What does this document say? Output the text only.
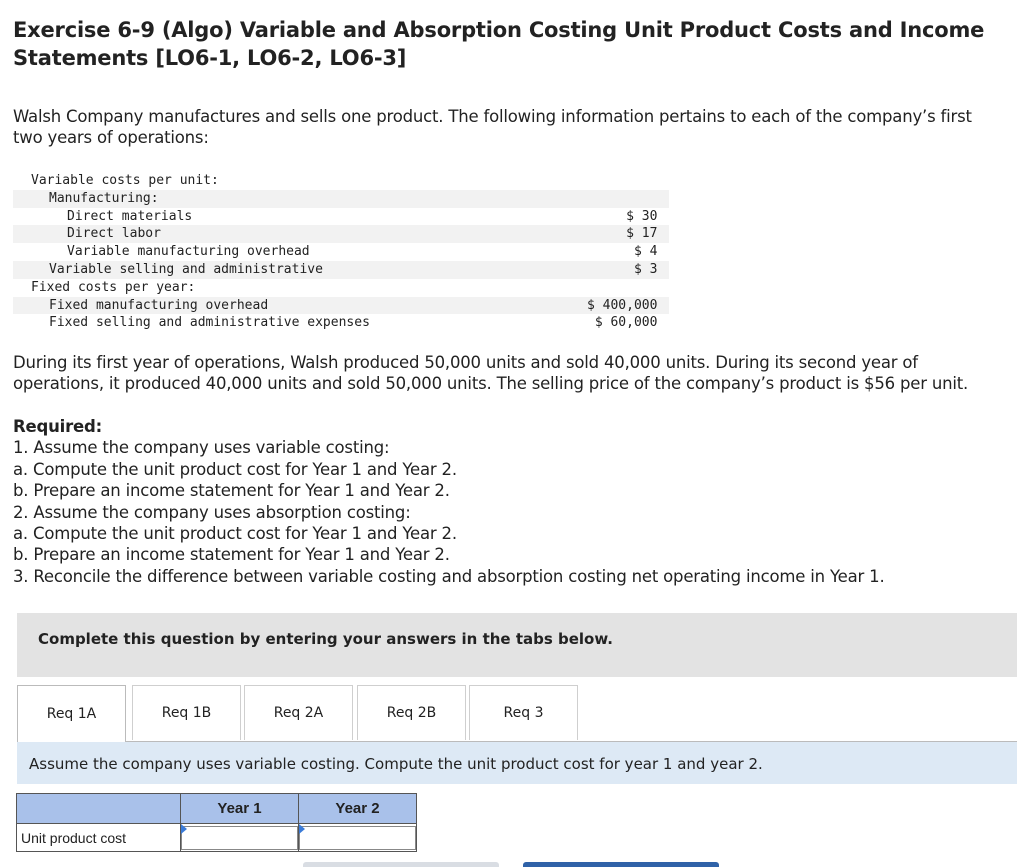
Exercise 6-9 (Algo) Variable and Absorption Costing Unit Product Costs and Income Statements [LO6-1, LO6-2, LO6-3]

Walsh Company manufactures and sells one product. The following information pertains to each of the company’s first two years of operations:

Variable costs per unit:		
Manufacturing:		
Direct materials	$ 30	
Direct labor	$ 17	
Variable manufacturing overhead	$ 4	
Variable selling and administrative	$ 3	
Fixed costs per year:		
Fixed manufacturing overhead	$ 400,000	
Fixed selling and administrative expenses	$ 60,000	

During its first year of operations, Walsh produced 50,000 units and sold 40,000 units. During its second year of operations, it produced 40,000 units and sold 50,000 units. The selling price of the company’s product is $56 per unit.

Required:
1. Assume the company uses variable costing:
a. Compute the unit product cost for Year 1 and Year 2.
b. Prepare an income statement for Year 1 and Year 2.
2. Assume the company uses absorption costing:
a. Compute the unit product cost for Year 1 and Year 2.
b. Prepare an income statement for Year 1 and Year 2.
3. Reconcile the difference between variable costing and absorption costing net operating income in Year 1.
Complete this question by entering your answers in the tabs below.
Req 1A	Req 1B	Req 2A	Req 2B	Req 3
Assume the company uses variable costing. Compute the unit product cost for year 1 and year 2.
	Year 1	Year 2
Unit product cost	
